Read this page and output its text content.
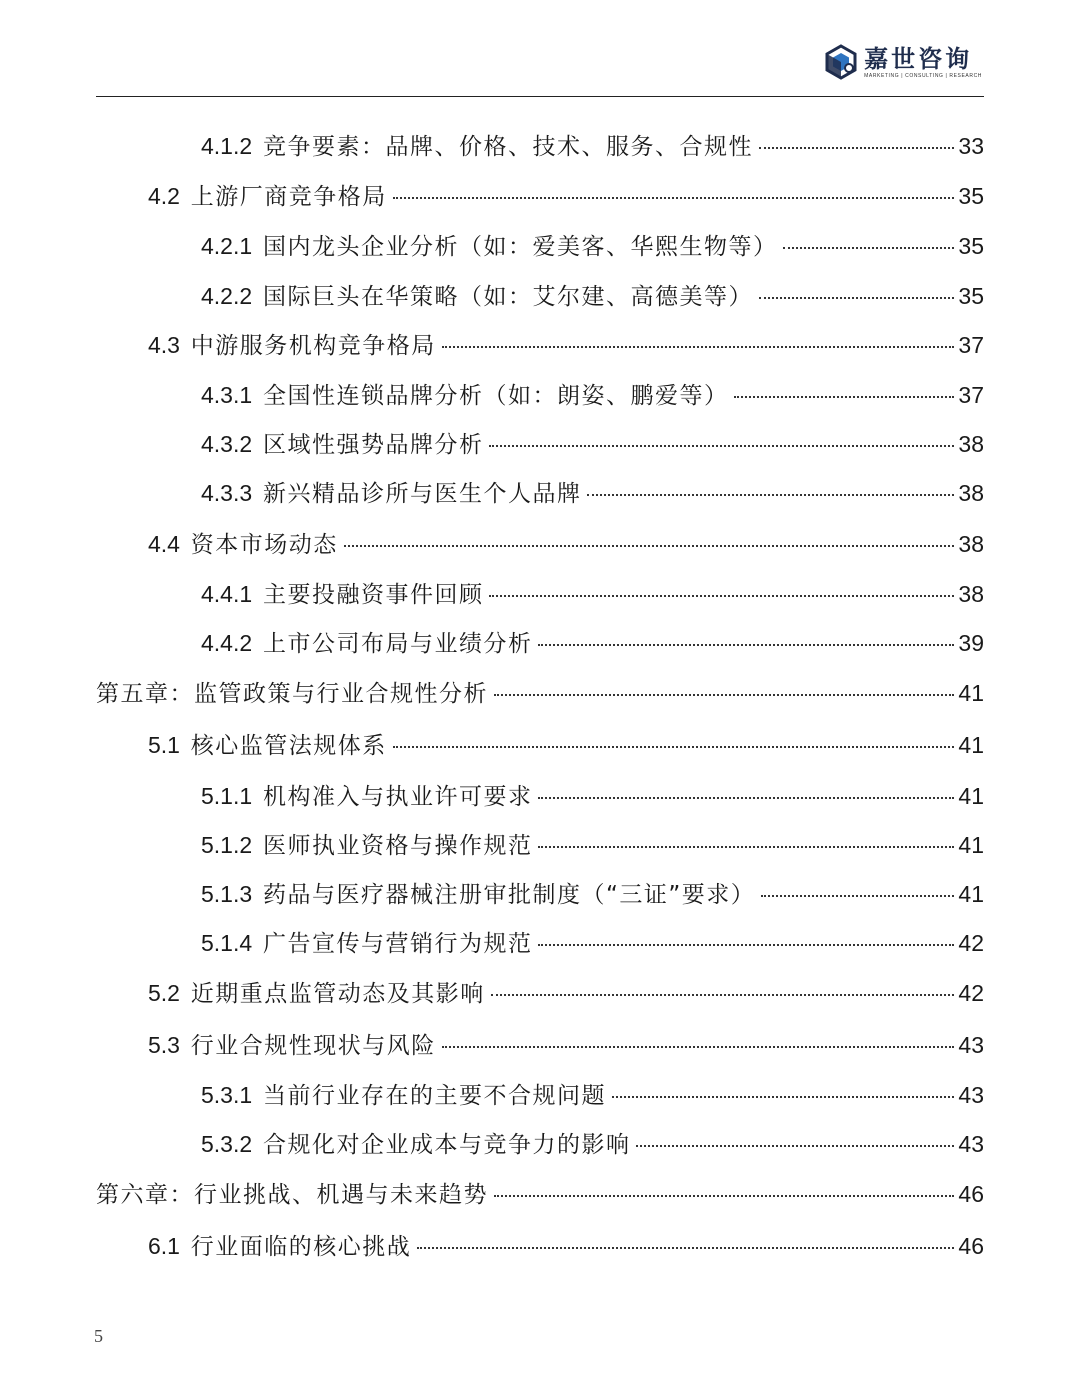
嘉世咨询
MARKETING | CONSULTING | RESEARCH
4.1.2 竞争要素：品牌、价格、技术、服务、合规性	33
4.2 上游厂商竞争格局	35
4.2.1 国内龙头企业分析（如：爱美客、华熙生物等）	35
4.2.2 国际巨头在华策略（如：艾尔建、高德美等）	35
4.3 中游服务机构竞争格局	37
4.3.1 全国性连锁品牌分析（如：朗姿、鹏爱等）	37
4.3.2 区域性强势品牌分析	38
4.3.3 新兴精品诊所与医生个人品牌	38
4.4 资本市场动态	38
4.4.1 主要投融资事件回顾	38
4.4.2 上市公司布局与业绩分析	39
第五章：监管政策与行业合规性分析	41
5.1 核心监管法规体系	41
5.1.1 机构准入与执业许可要求	41
5.1.2 医师执业资格与操作规范	41
5.1.3 药品与医疗器械注册审批制度（“三证”要求）	41
5.1.4 广告宣传与营销行为规范	42
5.2 近期重点监管动态及其影响	42
5.3 行业合规性现状与风险	43
5.3.1 当前行业存在的主要不合规问题	43
5.3.2 合规化对企业成本与竞争力的影响	43
第六章：行业挑战、机遇与未来趋势	46
6.1 行业面临的核心挑战	46
5
